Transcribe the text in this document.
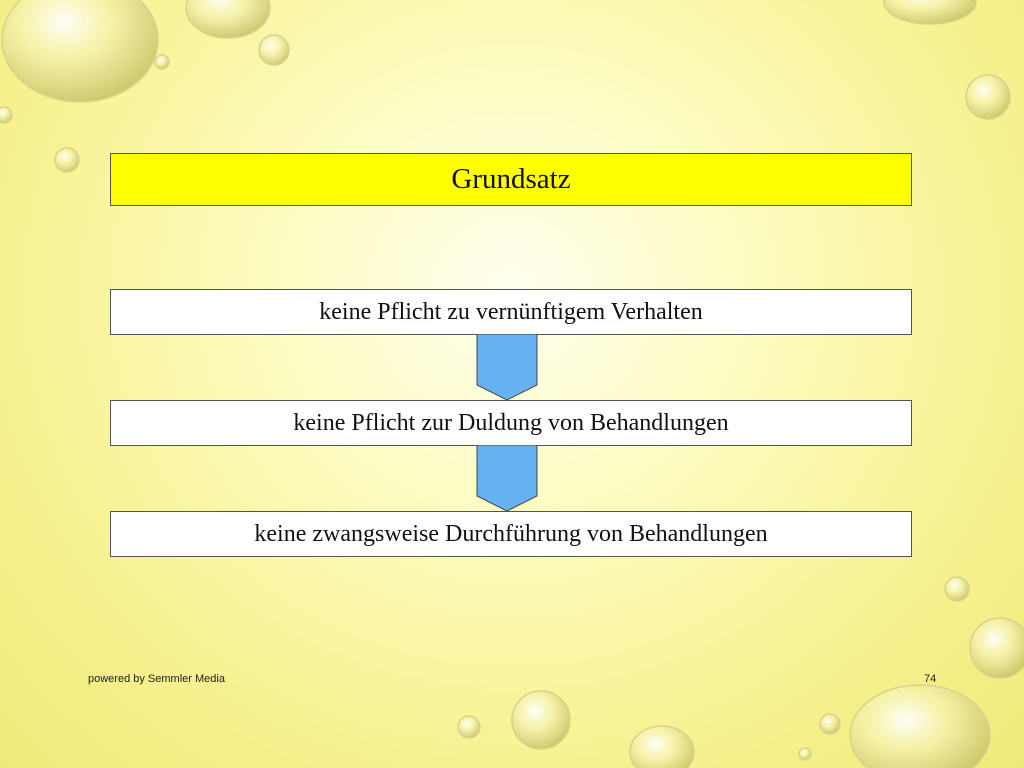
Grundsatz
keine Pflicht zu vernünftigem Verhalten
keine Pflicht zur Duldung von Behandlungen
keine zwangsweise Durchführung von Behandlungen
powered by Semmler Media	74
